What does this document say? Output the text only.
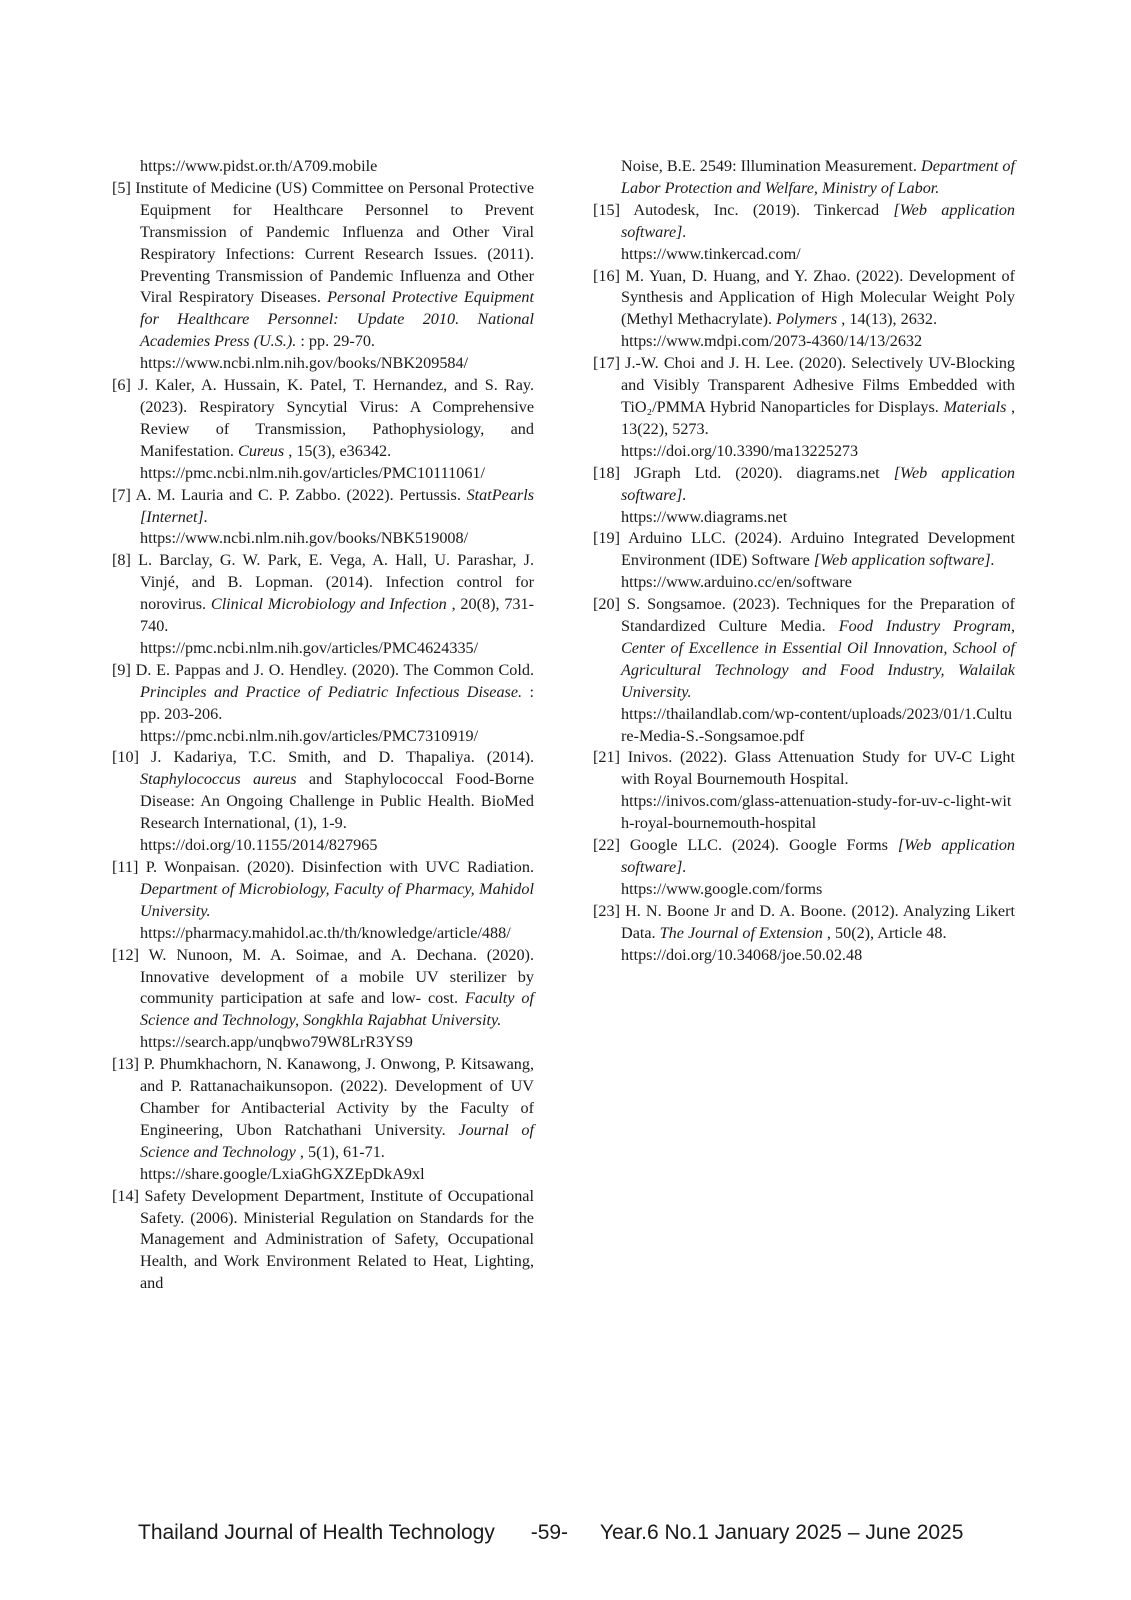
https://www.pidst.or.th/A709.mobile
[5] Institute of Medicine (US) Committee on Personal Protective Equipment for Healthcare Personnel to Prevent Transmission of Pandemic Influenza and Other Viral Respiratory Infections: Current Research Issues. (2011). Preventing Transmission of Pandemic Influenza and Other Viral Respiratory Diseases. Personal Protective Equipment for Healthcare Personnel: Update 2010. National Academies Press (U.S.). : pp. 29-70.
https://www.ncbi.nlm.nih.gov/books/NBK209584/
[6] J. Kaler, A. Hussain, K. Patel, T. Hernandez, and S. Ray. (2023). Respiratory Syncytial Virus: A Comprehensive Review of Transmission, Pathophysiology, and Manifestation. Cureus , 15(3), e36342.
https://pmc.ncbi.nlm.nih.gov/articles/PMC10111061/
[7] A. M. Lauria and C. P. Zabbo. (2022). Pertussis. StatPearls [Internet].
https://www.ncbi.nlm.nih.gov/books/NBK519008/
[8] L. Barclay, G. W. Park, E. Vega, A. Hall, U. Parashar, J. Vinjé, and B. Lopman. (2014). Infection control for norovirus. Clinical Microbiology and Infection , 20(8), 731-740.
https://pmc.ncbi.nlm.nih.gov/articles/PMC4624335/
[9] D. E. Pappas and J. O. Hendley. (2020). The Common Cold. Principles and Practice of Pediatric Infectious Disease. : pp. 203-206.
https://pmc.ncbi.nlm.nih.gov/articles/PMC7310919/
[10] J. Kadariya, T.C. Smith, and D. Thapaliya. (2014). Staphylococcus aureus and Staphylococcal Food-Borne Disease: An Ongoing Challenge in Public Health. BioMed Research International, (1), 1-9.
https://doi.org/10.1155/2014/827965
[11] P. Wonpaisan. (2020). Disinfection with UVC Radiation. Department of Microbiology, Faculty of Pharmacy, Mahidol University.
https://pharmacy.mahidol.ac.th/th/knowledge/article/488/
[12] W. Nunoon, M. A. Soimae, and A. Dechana. (2020). Innovative development of a mobile UV sterilizer by community participation at safe and low- cost. Faculty of Science and Technology, Songkhla Rajabhat University.
https://search.app/unqbwo79W8LrR3YS9
[13] P. Phumkhachorn, N. Kanawong, J. Onwong, P. Kitsawang, and P. Rattanachaikunsopon. (2022). Development of UV Chamber for Antibacterial Activity by the Faculty of Engineering, Ubon Ratchathani University. Journal of Science and Technology , 5(1), 61-71.
https://share.google/LxiaGhGXZEpDkA9xl
[14] Safety Development Department, Institute of Occupational Safety. (2006). Ministerial Regulation on Standards for the Management and Administration of Safety, Occupational Health, and Work Environment Related to Heat, Lighting, and
Noise, B.E. 2549: Illumination Measurement. Department of Labor Protection and Welfare, Ministry of Labor.
[15] Autodesk, Inc. (2019). Tinkercad [Web application software].
https://www.tinkercad.com/
[16] M. Yuan, D. Huang, and Y. Zhao. (2022). Development of Synthesis and Application of High Molecular Weight Poly (Methyl Methacrylate). Polymers , 14(13), 2632.
https://www.mdpi.com/2073-4360/14/13/2632
[17] J.-W. Choi and J. H. Lee. (2020). Selectively UV-Blocking and Visibly Transparent Adhesive Films Embedded with TiO₂/PMMA Hybrid Nanoparticles for Displays. Materials , 13(22), 5273.
https://doi.org/10.3390/ma13225273
[18] JGraph Ltd. (2020). diagrams.net [Web application software].
https://www.diagrams.net
[19] Arduino LLC. (2024). Arduino Integrated Development Environment (IDE) Software [Web application software].
https://www.arduino.cc/en/software
[20] S. Songsamoe. (2023). Techniques for the Preparation of Standardized Culture Media. Food Industry Program, Center of Excellence in Essential Oil Innovation, School of Agricultural Technology and Food Industry, Walailak University.
https://thailandlab.com/wp-content/uploads/2023/01/1.Culture-Media-S.-Songsamoe.pdf
[21] Inivos. (2022). Glass Attenuation Study for UV-C Light with Royal Bournemouth Hospital.
https://inivos.com/glass-attenuation-study-for-uv-c-light-with-royal-bournemouth-hospital
[22] Google LLC. (2024). Google Forms [Web application software].
https://www.google.com/forms
[23] H. N. Boone Jr and D. A. Boone. (2012). Analyzing Likert Data. The Journal of Extension , 50(2), Article 48.
https://doi.org/10.34068/joe.50.02.48
Thailand Journal of Health Technology -59- Year.6 No.1 January 2025 – June 2025
